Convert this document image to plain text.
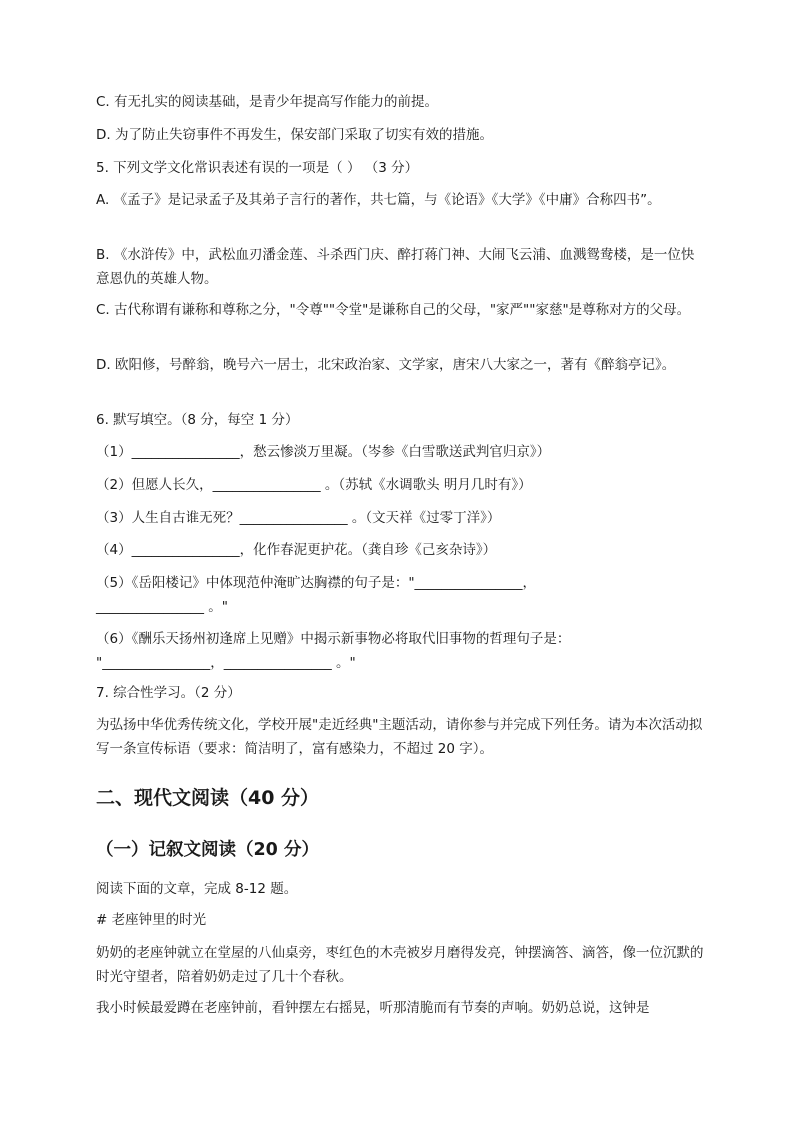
C. 有无扎实的阅读基础，是青少年提高写作能力的前提。

D. 为了防止失窃事件不再发生，保安部门采取了切实有效的措施。

5. 下列文学文化常识表述有误的一项是（ ） （3 分）

A. 《孟子》是记录孟子及其弟子言行的著作，共七篇，与《论语》《大学》《中庸》合称四书”。

B. 《水浒传》中，武松血刃潘金莲、斗杀西门庆、醉打蒋门神、大闹飞云浦、血溅鸳鸯楼，是一位快意恩仇的英雄人物。

C. 古代称谓有谦称和尊称之分，"令尊""令堂"是谦称自己的父母，"家严""家慈"是尊称对方的父母。

D. 欧阳修，号醉翁，晚号六一居士，北宋政治家、文学家，唐宋八大家之一，著有《醉翁亭记》。

6. 默写填空。（8 分，每空 1 分）

（1）________________，愁云惨淡万里凝。（岑参《白雪歌送武判官归京》）

（2）但愿人长久，________________ 。（苏轼《水调歌头 明月几时有》）

（3）人生自古谁无死？________________ 。（文天祥《过零丁洋》）

（4）________________，化作春泥更护花。（龚自珍《己亥杂诗》）

（5）《岳阳楼记》中体现范仲淹旷达胸襟的句子是："________________，

________________ 。"

（6）《酬乐天扬州初逢席上见赠》中揭示新事物必将取代旧事物的哲理句子是：

"________________，________________ 。"

7. 综合性学习。（2 分）

为弘扬中华优秀传统文化，学校开展"走近经典"主题活动，请你参与并完成下列任务。请为本次活动拟写一条宣传标语（要求：简洁明了，富有感染力，不超过 20 字）。

二、现代文阅读（40 分）

（一）记叙文阅读（20 分）

阅读下面的文章，完成 8-12 题。

# 老座钟里的时光

奶奶的老座钟就立在堂屋的八仙桌旁，枣红色的木壳被岁月磨得发亮，钟摆滴答、滴答，像一位沉默的时光守望者，陪着奶奶走过了几十个春秋。

我小时候最爱蹲在老座钟前，看钟摆左右摇晃，听那清脆而有节奏的声响。奶奶总说，这钟是
